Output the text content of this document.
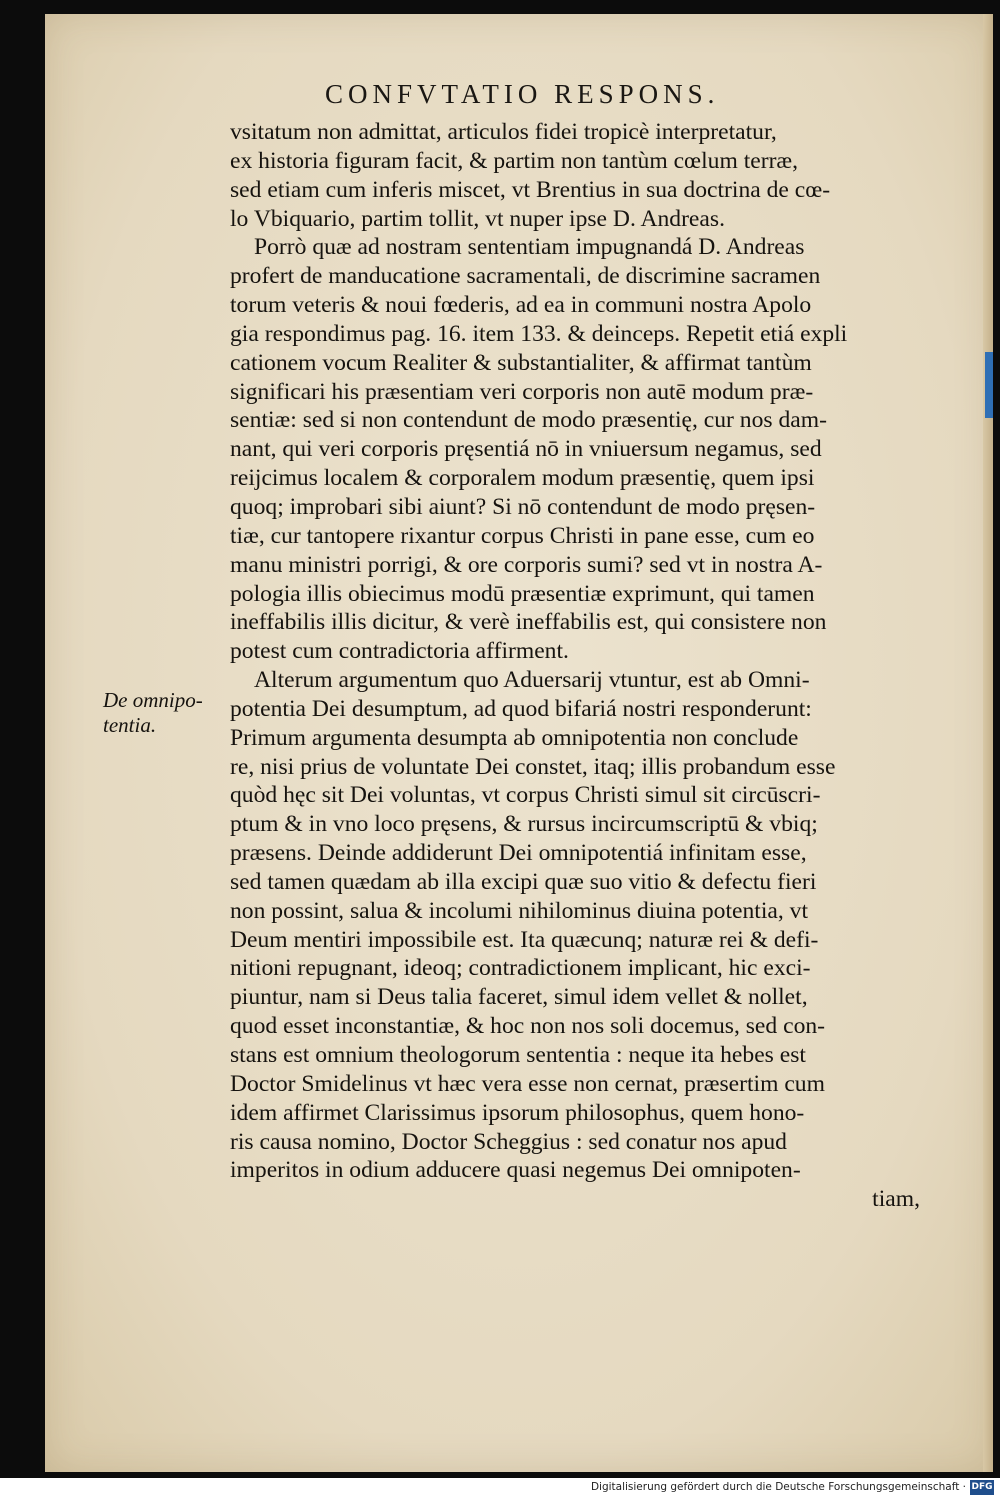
CONFVTATIO RESPONS.
De omnipo-
tentia.
vsitatum non admittat, articulos fidei tropicè interpretatur,
ex historia figuram facit, & partim non tantùm cœlum terræ,
sed etiam cum inferis miscet, vt Brentius in sua doctrina de cœ-
lo Vbiquario, partim tollit, vt nuper ipse D. Andreas.
Porrò quæ ad nostram sententiam impugnandá D. Andreas
profert de manducatione sacramentali, de discrimine sacramen
torum veteris & noui fœderis, ad ea in communi nostra Apolo
gia respondimus pag. 16. item 133. & deinceps. Repetit etiá expli
cationem vocum Realiter & substantialiter, & affirmat tantùm
significari his præsentiam veri corporis non autē modum præ-
sentiæ: sed si non contendunt de modo præsentię, cur nos dam-
nant, qui veri corporis pręsentiá nō in vniuersum negamus, sed
reijcimus localem & corporalem modum præsentię, quem ipsi
quoq; improbari sibi aiunt? Si nō contendunt de modo pręsen-
tiæ, cur tantopere rixantur corpus Christi in pane esse, cum eo
manu ministri porrigi, & ore corporis sumi? sed vt in nostra A-
pologia illis obiecimus modū præsentiæ exprimunt, qui tamen
ineffabilis illis dicitur, & verè ineffabilis est, qui consistere non
potest cum contradictoria affirment.
Alterum argumentum quo Aduersarij vtuntur, est ab Omni-
potentia Dei desumptum, ad quod bifariá nostri responderunt:
Primum argumenta desumpta ab omnipotentia non conclude
re, nisi prius de voluntate Dei constet, itaq; illis probandum esse
quòd hęc sit Dei voluntas, vt corpus Christi simul sit circūscri-
ptum & in vno loco pręsens, & rursus incircumscriptū & vbiq;
præsens. Deinde addiderunt Dei omnipotentiá infinitam esse,
sed tamen quædam ab illa excipi quæ suo vitio & defectu fieri
non possint, salua & incolumi nihilominus diuina potentia, vt
Deum mentiri impossibile est. Ita quæcunq; naturæ rei & defi-
nitioni repugnant, ideoq; contradictionem implicant, hic exci-
piuntur, nam si Deus talia faceret, simul idem vellet & nollet,
quod esset inconstantiæ, & hoc non nos soli docemus, sed con-
stans est omnium theologorum sententia : neque ita hebes est
Doctor Smidelinus vt hæc vera esse non cernat, præsertim cum
idem affirmet Clarissimus ipsorum philosophus, quem hono-
ris causa nomino, Doctor Scheggius : sed conatur nos apud
imperitos in odium adducere quasi negemus Dei omnipoten-
tiam,
Digitalisierung gefördert durch die Deutsche Forschungsgemeinschaft · DFG
